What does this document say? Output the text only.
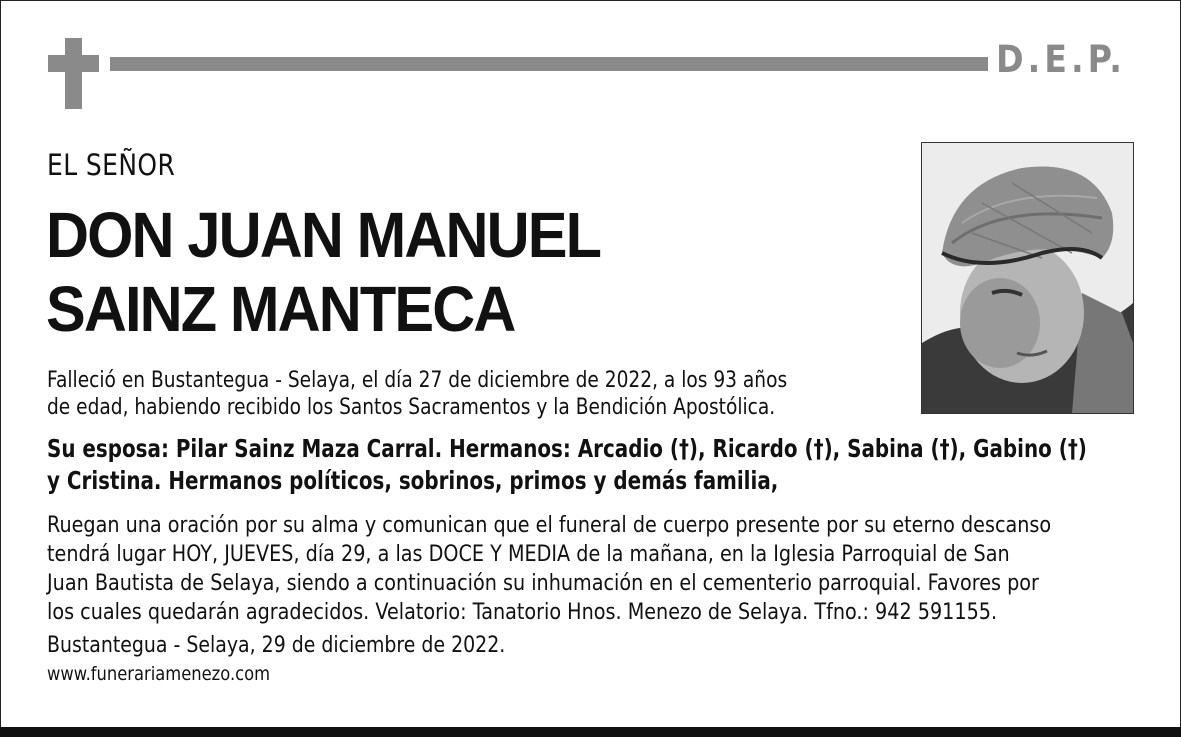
D.E.P.
EL SEÑOR
DON JUAN MANUEL
SAINZ MANTECA
Falleció en Bustantegua - Selaya, el día 27 de diciembre de 2022, a los 93 años
de edad, habiendo recibido los Santos Sacramentos y la Bendición Apostólica.
Su esposa: Pilar Sainz Maza Carral. Hermanos: Arcadio (†), Ricardo (†), Sabina (†), Gabino (†)
y Cristina. Hermanos políticos, sobrinos, primos y demás familia,
Ruegan una oración por su alma y comunican que el funeral de cuerpo presente por su eterno descanso
tendrá lugar HOY, JUEVES, día 29, a las DOCE Y MEDIA de la mañana, en la Iglesia Parroquial de San
Juan Bautista de Selaya, siendo a continuación su inhumación en el cementerio parroquial. Favores por
los cuales quedarán agradecidos. Velatorio: Tanatorio Hnos. Menezo de Selaya. Tfno.: 942 591155.
Bustantegua - Selaya, 29 de diciembre de 2022.
www.funerariamenezo.com
